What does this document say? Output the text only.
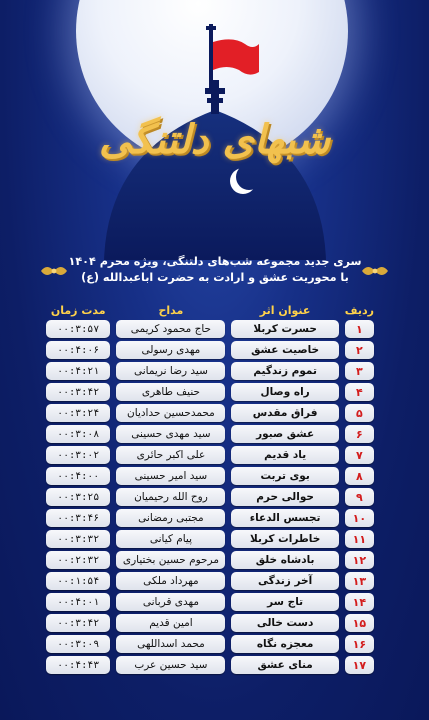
شبهای دلتنگی
سری جدید مجموعه شب‌های دلتنگی، ویژه محرم ۱۴۰۴
با محوریت عشق و ارادت به حضرت اباعبدالله (ع)
ردیف	عنوان اثر	مداح	مدت زمان
۱	حسرت کربلا	حاج محمود کریمی	۰۰:۳:۵۷
۲	خاصیت عشق	مهدی رسولی	۰۰:۴:۰۶
۳	تموم زندگیم	سید رضا نریمانی	۰۰:۴:۲۱
۴	راه وصال	حنیف طاهری	۰۰:۳:۴۲
۵	فراق مقدس	محمدحسین حدادیان	۰۰:۳:۲۴
۶	عشق صبور	سید مهدی حسینی	۰۰:۳:۰۸
۷	یاد قدیم	علی اکبر حائری	۰۰:۳:۰۲
۸	بوی تربت	سید امیر حسینی	۰۰:۴:۰۰
۹	حوالی حرم	روح الله رحیمیان	۰۰:۳:۲۵
۱۰	تجسس الدعاء	مجتبی رمضانی	۰۰:۳:۴۶
۱۱	خاطرات کربلا	پیام کیانی	۰۰:۳:۳۲
۱۲	بادشاه خلق	مرحوم حسین بختیاری	۰۰:۲:۳۲
۱۳	آخر زندگی	مهرداد ملکی	۰۰:۱:۵۴
۱۴	تاج سر	مهدی قربانی	۰۰:۴:۰۱
۱۵	دست خالی	امین قدیم	۰۰:۳:۴۲
۱۶	معجزه نگاه	محمد اسداللهی	۰۰:۳:۰۹
۱۷	منای عشق	سید حسین عرب	۰۰:۴:۴۳
